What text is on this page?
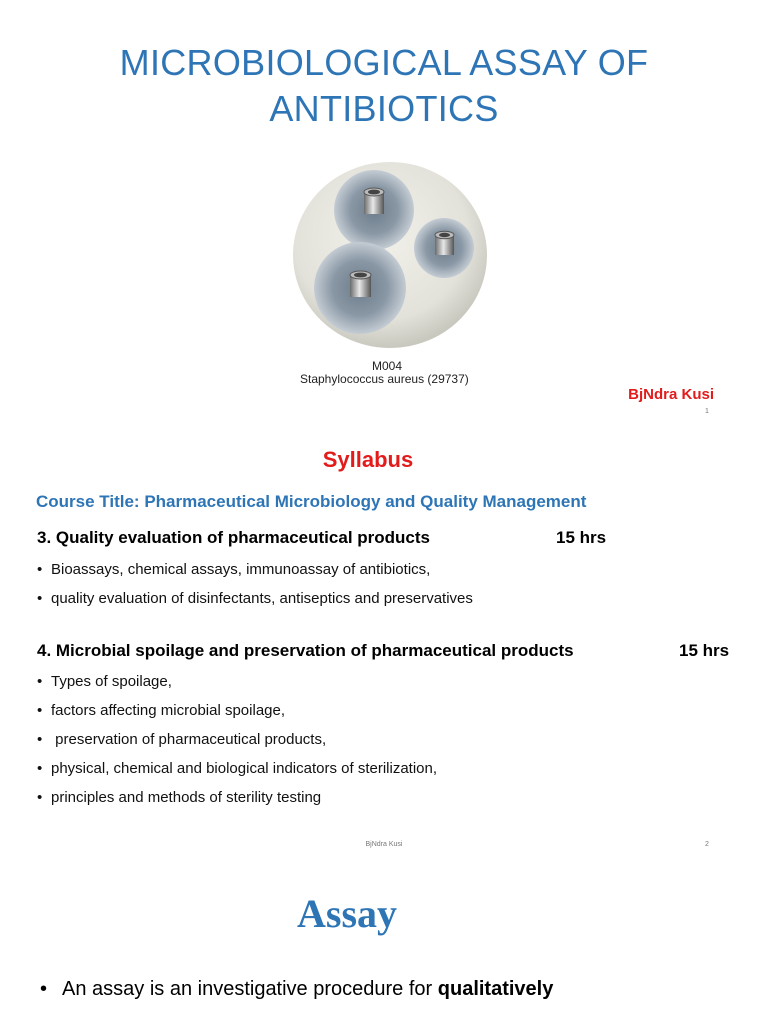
MICROBIOLOGICAL ASSAY OF
ANTIBIOTICS
M004
Staphylococcus aureus (29737)
BjNdra Kusi
1
Syllabus
Course Title: Pharmaceutical Microbiology and Quality Management
3. Quality evaluation of pharmaceutical products	15 hrs
• Bioassays, chemical assays, immunoassay of antibiotics,
• quality evaluation of disinfectants, antiseptics and preservatives
4. Microbial spoilage and preservation of pharmaceutical products	15 hrs
• Types of spoilage,
• factors affecting microbial spoilage,
• preservation of pharmaceutical products,
• physical, chemical and biological indicators of sterilization,
• principles and methods of sterility testing
BjNdra Kusi	2
Assay
• An assay is an investigative procedure for qualitatively
